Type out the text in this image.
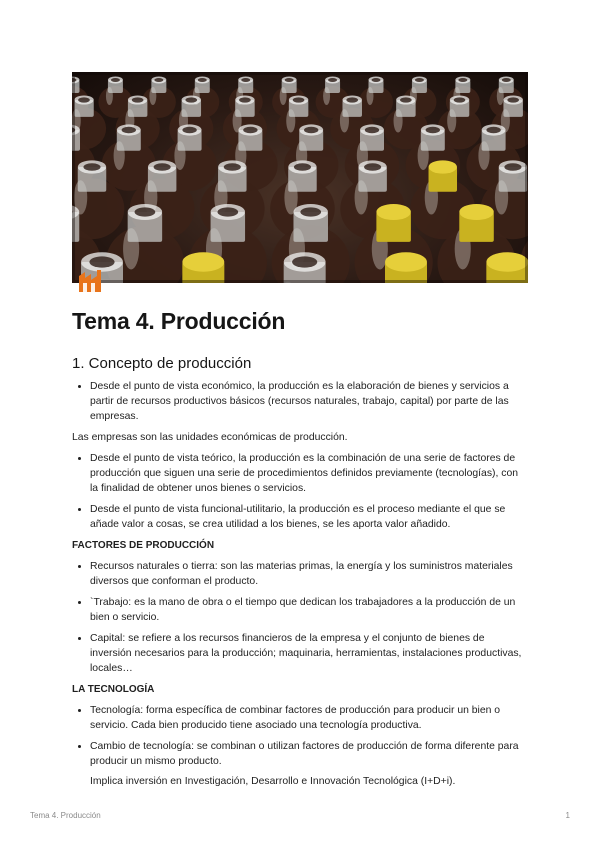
Tema 4. Producción
1. Concepto de producción
• Desde el punto de vista económico, la producción es la elaboración de bienes y servicios a partir de recursos productivos básicos (recursos naturales, trabajo, capital) por parte de las empresas.

Las empresas son las unidades económicas de producción.

• Desde el punto de vista teórico, la producción es la combinación de una serie de factores de producción que siguen una serie de procedimientos definidos previamente (tecnologías), con la finalidad de obtener unos bienes o servicios.
• Desde el punto de vista funcional-utilitario, la producción es el proceso mediante el que se añade valor a cosas, se crea utilidad a los bienes, se les aporta valor añadido.
FACTORES DE PRODUCCIÓN
• Recursos naturales o tierra: son las materias primas, la energía y los suministros materiales diversos que conforman el producto.
• `Trabajo: es la mano de obra o el tiempo que dedican los trabajadores a la producción de un bien o servicio.
• Capital: se refiere a los recursos financieros de la empresa y el conjunto de bienes de inversión necesarios para la producción; maquinaria, herramientas, instalaciones productivas, locales…
LA TECNOLOGÍA
• Tecnología: forma específica de combinar factores de producción para producir un bien o servicio. Cada bien producido tiene asociado una tecnología productiva.
• Cambio de tecnología: se combinan o utilizan factores de producción de forma diferente para producir un mismo producto.

Implica inversión en Investigación, Desarrollo e Innovación Tecnológica (I+D+i).

Tema 4. Producción	1
